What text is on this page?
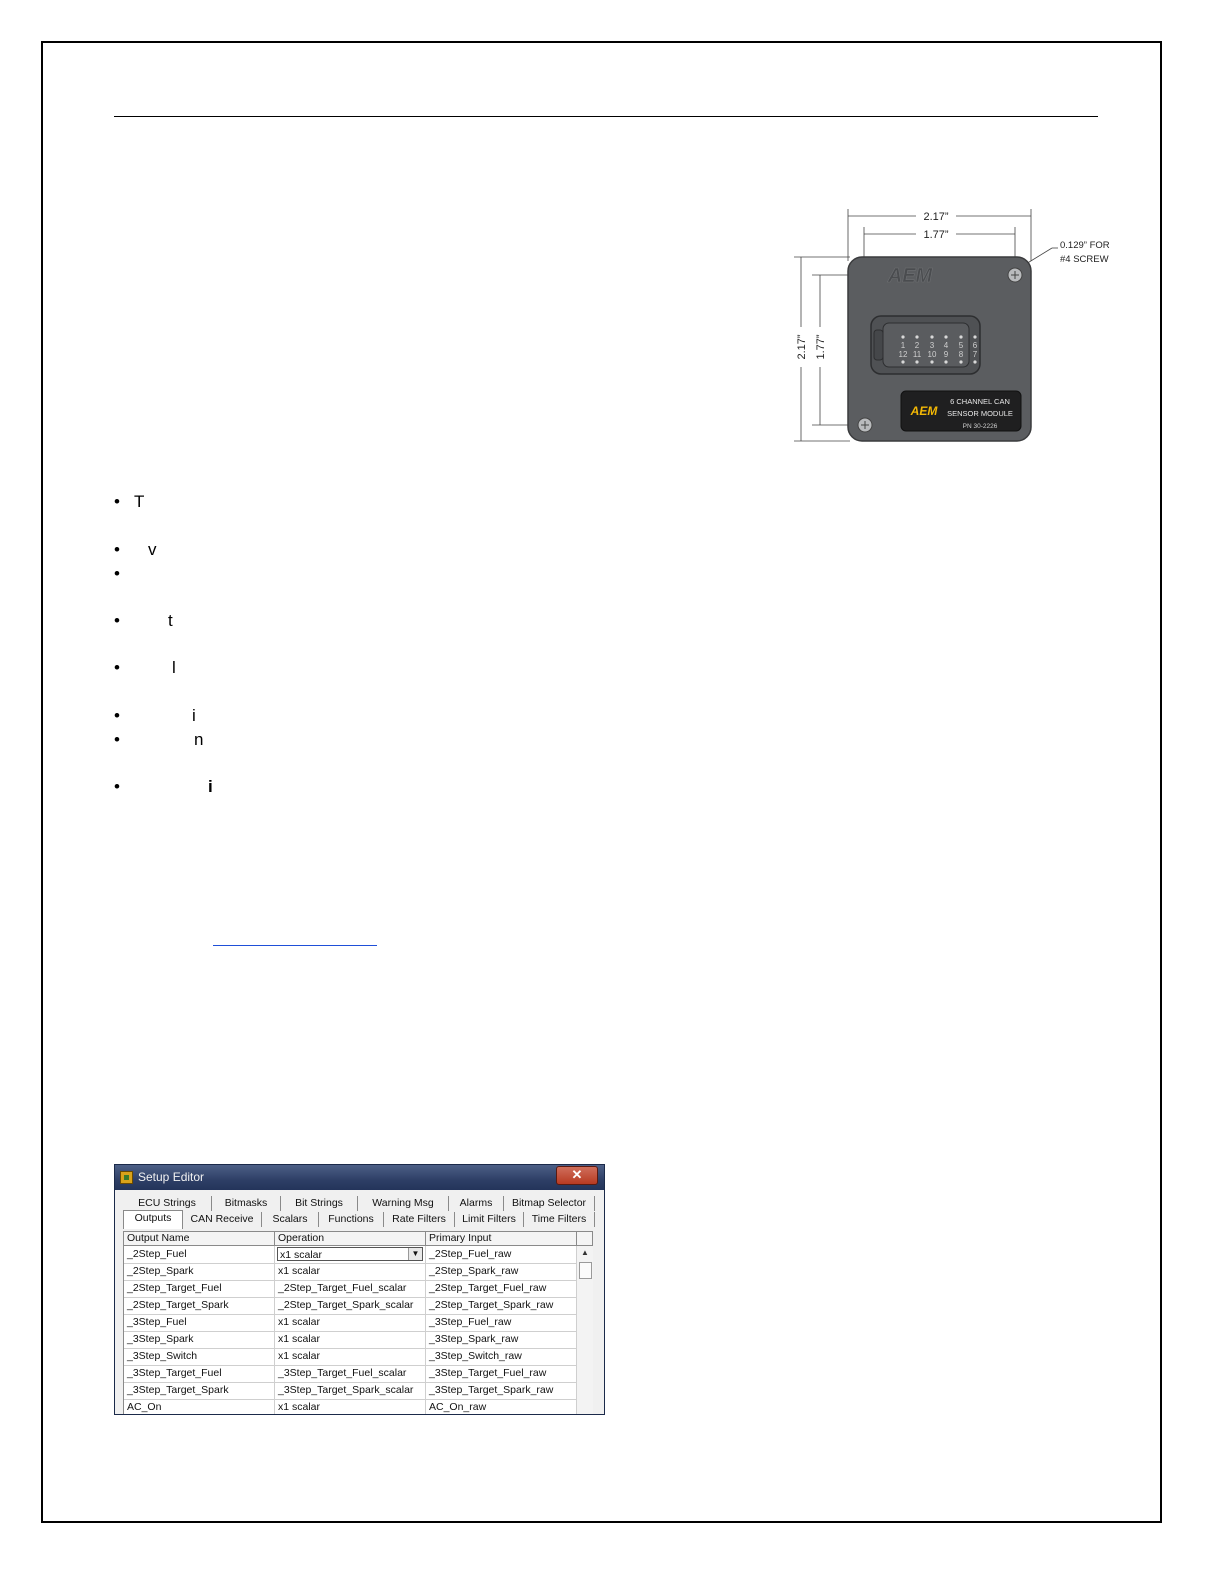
2.17”
1.77”
2.17” 1.77”
0.129” FOR
#4 SCREW
AEM
1 2 3 4 5 6
12 11 10 9 8 7
AEM
6 CHANNEL CAN
SENSOR MODULE
PN 30-2226
• T
• v
•
•	t
•	l
•	i
•	n
•	i
Setup Editor	✕
ECU Strings	Bitmasks	Bit Strings	Warning Msg	Alarms	Bitmap Selector
Outputs	CAN Receive	Scalars	Functions	Rate Filters	Limit Filters	Time Filters
Output Name	Operation	Primary Input
_2Step_Fuel	x1 scalar	▼ _2Step_Fuel_raw
_2Step_Spark	x1 scalar	_2Step_Spark_raw
_2Step_Target_Fuel	_2Step_Target_Fuel_scalar	_2Step_Target_Fuel_raw
_2Step_Target_Spark	_2Step_Target_Spark_scalar	_2Step_Target_Spark_raw
_3Step_Fuel	x1 scalar	_3Step_Fuel_raw
_3Step_Spark	x1 scalar	_3Step_Spark_raw
_3Step_Switch	x1 scalar	_3Step_Switch_raw
_3Step_Target_Fuel	_3Step_Target_Fuel_scalar	_3Step_Target_Fuel_raw
_3Step_Target_Spark	_3Step_Target_Spark_scalar	_3Step_Target_Spark_raw
AC_On	x1 scalar	AC_On_raw
▲
